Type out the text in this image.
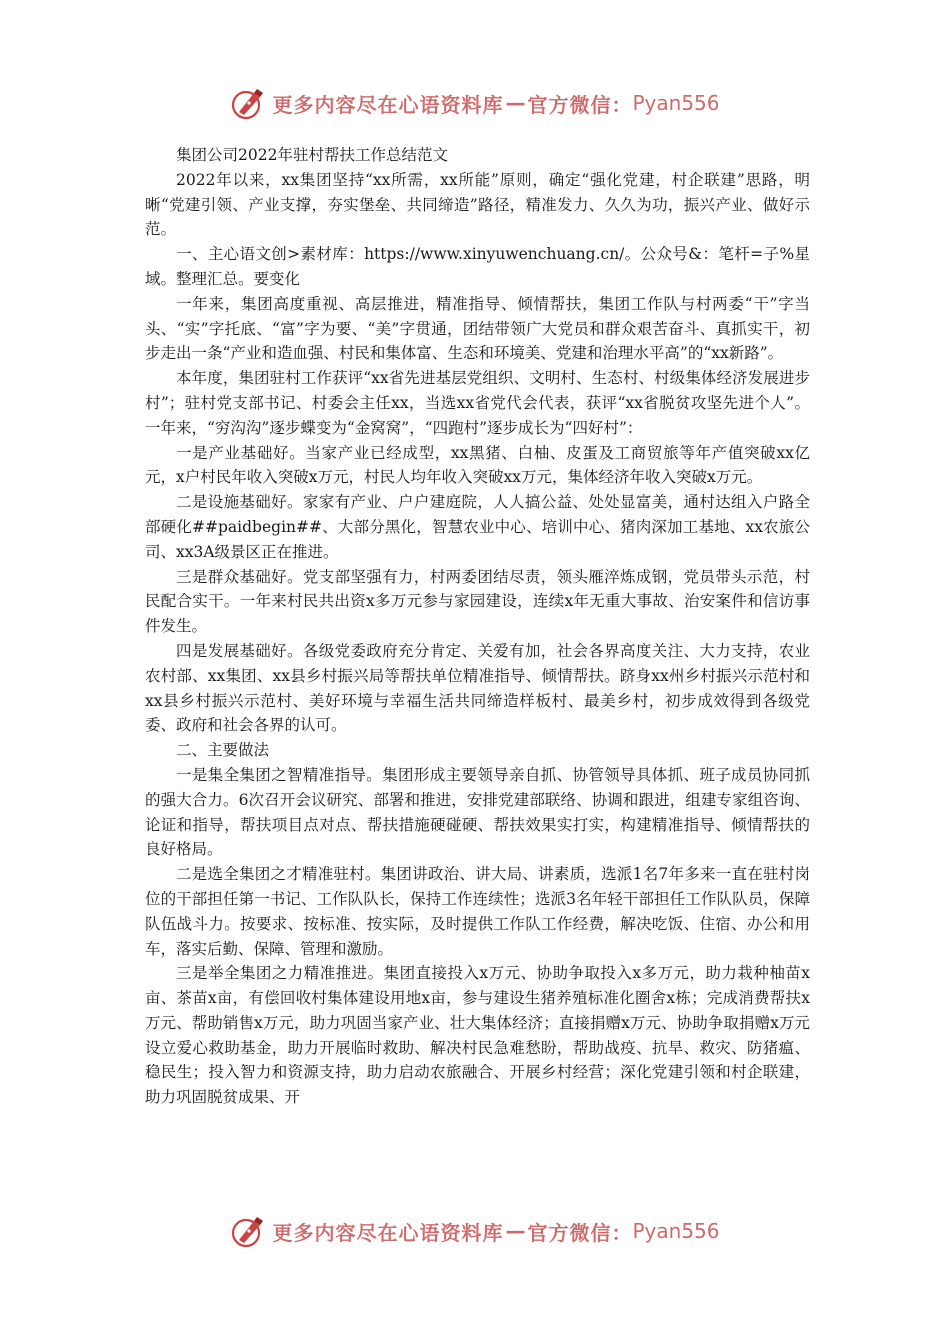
更多内容尽在心语资料库 — 官方微信： Pyan556

集团公司2022年驻村帮扶工作总结范文

2022年以来，xx集团坚持“xx所需，xx所能”原则，确定“强化党建，村企联建”思路，明晰“党建引领、产业支撑，夯实堡垒、共同缔造”路径，精准发力、久久为功，振兴产业、做好示范。

一、主心语文创>素材库：https://www.xinyuwenchuang.cn/。公众号&：笔杆=子%星域。整理汇总。要变化

一年来，集团高度重视、高层推进，精准指导、倾情帮扶，集团工作队与村两委“干”字当头、“实”字托底、“富”字为要、“美”字贯通，团结带领广大党员和群众艰苦奋斗、真抓实干，初步走出一条“产业和造血强、村民和集体富、生态和环境美、党建和治理水平高”的“xx新路”。

本年度，集团驻村工作获评“xx省先进基层党组织、文明村、生态村、村级集体经济发展进步村”；驻村党支部书记、村委会主任xx，当选xx省党代会代表，获评“xx省脱贫攻坚先进个人”。一年来，“穷沟沟”逐步蝶变为“金窝窝”，“四跑村”逐步成长为“四好村”：

一是产业基础好。当家产业已经成型，xx黑猪、白柚、皮蛋及工商贸旅等年产值突破xx亿元，x户村民年收入突破x万元，村民人均年收入突破xx万元，集体经济年收入突破x万元。

二是设施基础好。家家有产业、户户建庭院，人人搞公益、处处显富美，通村达组入户路全部硬化##paidbegin##、大部分黑化，智慧农业中心、培训中心、猪肉深加工基地、xx农旅公司、xx3A级景区正在推进。

三是群众基础好。党支部坚强有力，村两委团结尽责，领头雁淬炼成钢，党员带头示范，村民配合实干。一年来村民共出资x多万元参与家园建设，连续x年无重大事故、治安案件和信访事件发生。

四是发展基础好。各级党委政府充分肯定、关爱有加，社会各界高度关注、大力支持，农业农村部、xx集团、xx县乡村振兴局等帮扶单位精准指导、倾情帮扶。跻身xx州乡村振兴示范村和xx县乡村振兴示范村、美好环境与幸福生活共同缔造样板村、最美乡村，初步成效得到各级党委、政府和社会各界的认可。

二、主要做法

一是集全集团之智精准指导。集团形成主要领导亲自抓、协管领导具体抓、班子成员协同抓的强大合力。6次召开会议研究、部署和推进，安排党建部联络、协调和跟进，组建专家组咨询、论证和指导，帮扶项目点对点、帮扶措施硬碰硬、帮扶效果实打实，构建精准指导、倾情帮扶的良好格局。

二是选全集团之才精准驻村。集团讲政治、讲大局、讲素质，选派1名7年多来一直在驻村岗位的干部担任第一书记、工作队队长，保持工作连续性；选派3名年轻干部担任工作队队员，保障队伍战斗力。按要求、按标准、按实际，及时提供工作队工作经费，解决吃饭、住宿、办公和用车，落实后勤、保障、管理和激励。

三是举全集团之力精准推进。集团直接投入x万元、协助争取投入x多万元，助力栽种柚苗x亩、茶苗x亩，有偿回收村集体建设用地x亩，参与建设生猪养殖标准化圈舍x栋；完成消费帮扶x万元、帮助销售x万元，助力巩固当家产业、壮大集体经济；直接捐赠x万元、协助争取捐赠x万元设立爱心救助基金，助力开展临时救助、解决村民急难愁盼，帮助战疫、抗旱、救灾、防猪瘟、稳民生；投入智力和资源支持，助力启动农旅融合、开展乡村经营；深化党建引领和村企联建，助力巩固脱贫成果、开

更多内容尽在心语资料库 — 官方微信： Pyan556
